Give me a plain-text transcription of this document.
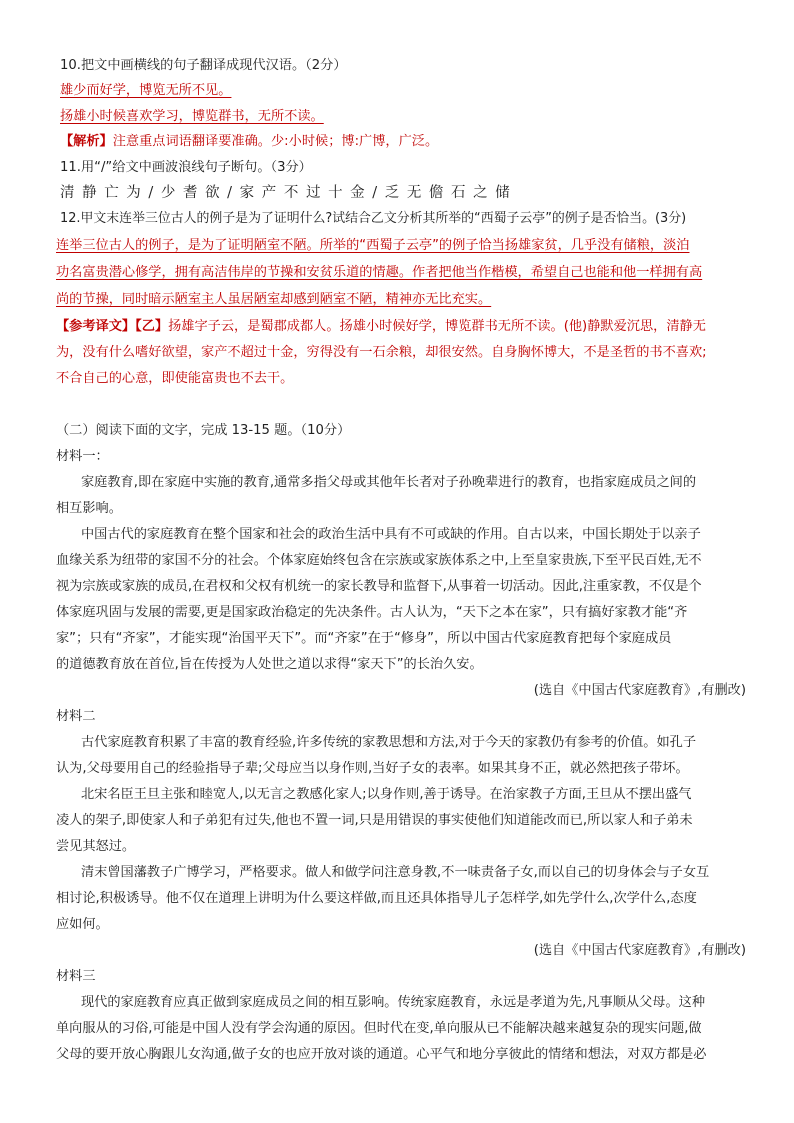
10.把文中画横线的句子翻译成现代汉语。（2分）
雄少而好学，博览无所不见。
扬雄小时候喜欢学习，博览群书，无所不读。
【解析】注意重点词语翻译要准确。少:小时候；博:广博，广泛。
11.用“/”给文中画波浪线句子断句。（3分）
清静亡为/少耆欲/家产不过十金/乏无儋石之储
12.甲文末连举三位古人的例子是为了证明什么?试结合乙文分析其所举的“西蜀子云亭”的例子是否恰当。(3分)
连举三位古人的例子，是为了证明陋室不陋。所举的“西蜀子云亭”的例子恰当扬雄家贫，几乎没有储粮，淡泊
功名富贵潜心修学，拥有高洁伟岸的节操和安贫乐道的情趣。作者把他当作楷模，希望自己也能和他一样拥有高
尚的节操，同时暗示陋室主人虽居陋室却感到陋室不陋，精神亦无比充实。
【参考译文】【乙】扬雄字子云，是蜀郡成都人。扬雄小时候好学，博览群书无所不读。(他)静默爱沉思，清静无
为，没有什么嗜好欲望，家产不超过十金，穷得没有一石余粮，却很安然。自身胸怀博大，不是圣哲的书不喜欢;
不合自己的心意，即使能富贵也不去干。
（二）阅读下面的文字，完成 13-15 题。（10分）
材料一：
家庭教育,即在家庭中实施的教育,通常多指父母或其他年长者对子孙晚辈进行的教育，也指家庭成员之间的
相互影响。
中国古代的家庭教育在整个国家和社会的政治生活中具有不可或缺的作用。自古以来，中国长期处于以亲子
血缘关系为纽带的家国不分的社会。个体家庭始终包含在宗族或家族体系之中,上至皇家贵族,下至平民百姓,无不
视为宗族或家族的成员,在君权和父权有机统一的家长教导和监督下,从事着一切活动。因此,注重家教，不仅是个
体家庭巩固与发展的需要,更是国家政治稳定的先决条件。古人认为，“天下之本在家”，只有搞好家教才能“齐
家”；只有“齐家”，才能实现“治国平天下”。而“齐家”在于“修身”，所以中国古代家庭教育把每个家庭成员
的道德教育放在首位,旨在传授为人处世之道以求得“家天下”的长治久安。
(选自《中国古代家庭教育》,有删改)
材料二
古代家庭教育积累了丰富的教育经验,许多传统的家教思想和方法,对于今天的家教仍有参考的价值。如孔子
认为,父母要用自己的经验指导子辈;父母应当以身作则,当好子女的表率。如果其身不正，就必然把孩子带坏。
北宋名臣王旦主张和睦宽人,以无言之教感化家人;以身作则,善于诱导。在治家教子方面,王旦从不摆出盛气
凌人的架子,即使家人和子弟犯有过失,他也不置一词,只是用错误的事实使他们知道能改而已,所以家人和子弟未
尝见其怒过。
清末曾国藩教子广博学习，严格要求。做人和做学问注意身教,不一味责备子女,而以自己的切身体会与子女互
相讨论,积极诱导。他不仅在道理上讲明为什么要这样做,而且还具体指导儿子怎样学,如先学什么,次学什么,态度
应如何。
(选自《中国古代家庭教育》,有删改)
材料三
现代的家庭教育应真正做到家庭成员之间的相互影响。传统家庭教育，永远是孝道为先,凡事顺从父母。这种
单向服从的习俗,可能是中国人没有学会沟通的原因。但时代在变,单向服从已不能解决越来越复杂的现实问题,做
父母的要开放心胸跟儿女沟通,做子女的也应开放对谈的通道。心平气和地分享彼此的情绪和想法，对双方都是必
